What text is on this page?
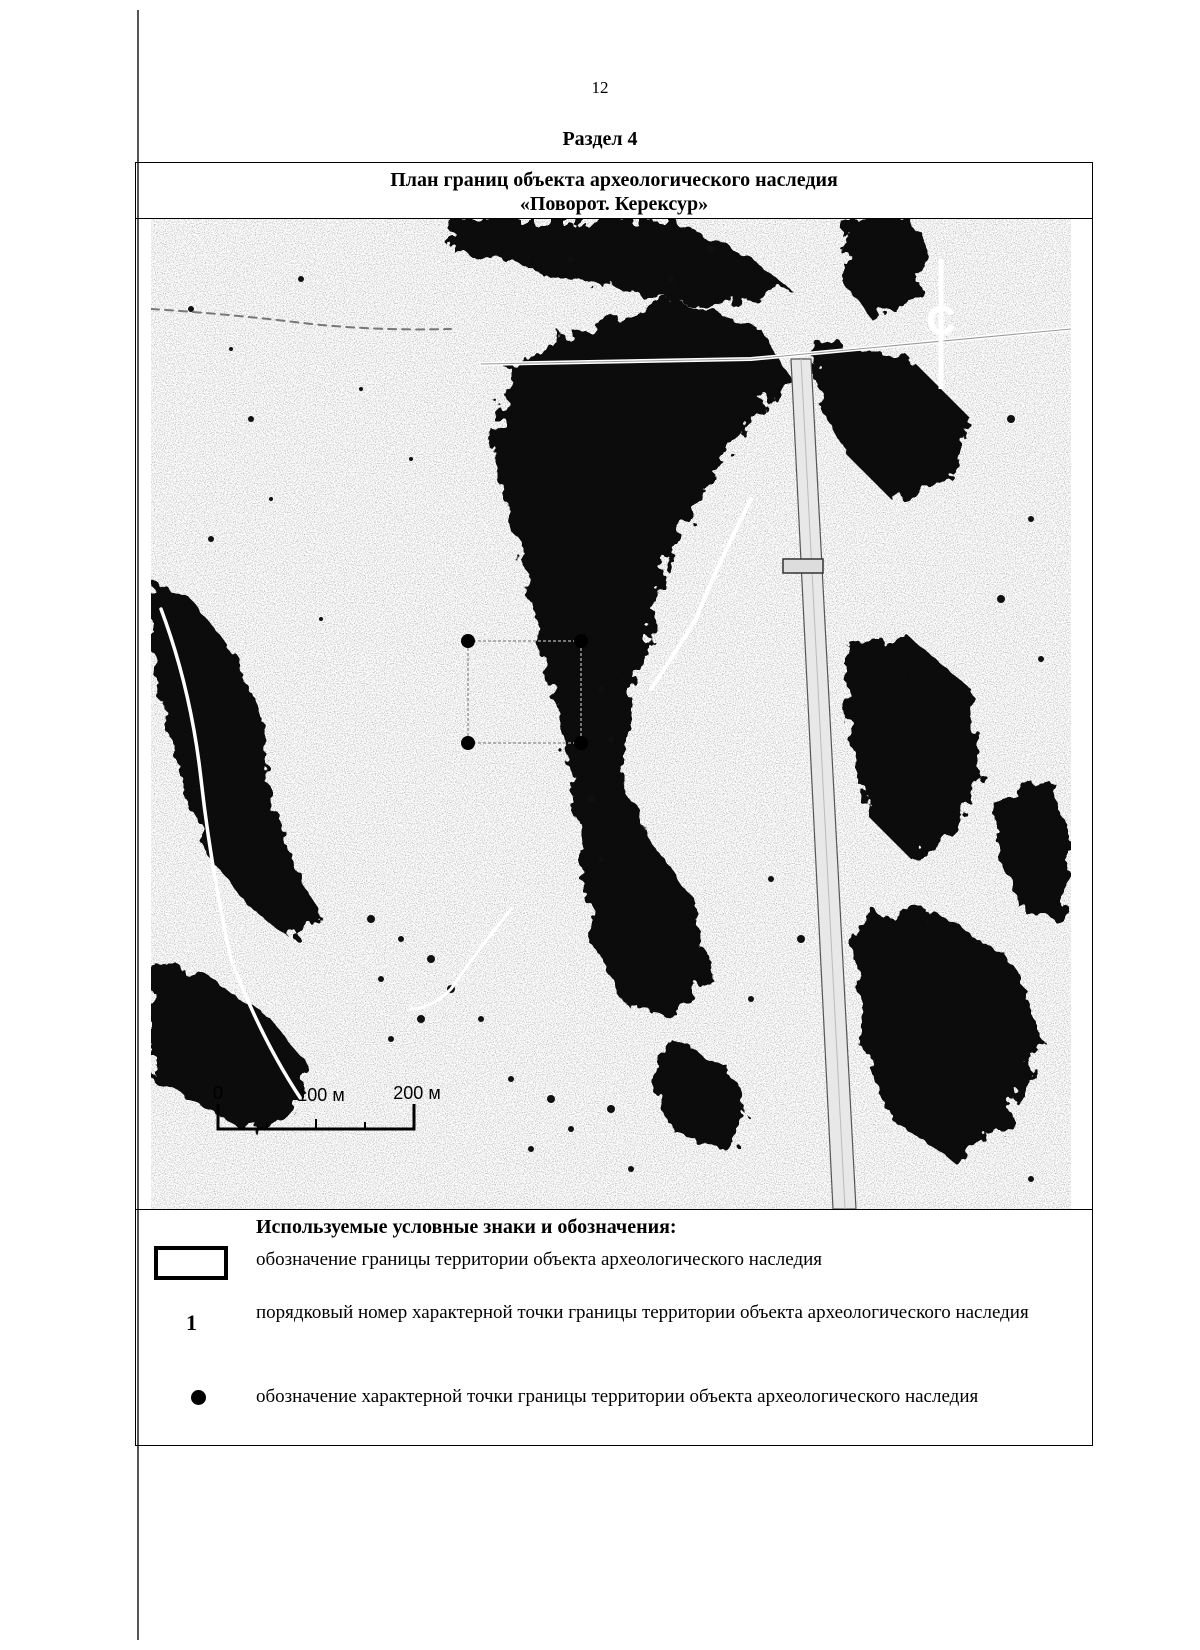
12
Раздел 4
План границ объекта археологического наследия
«Поворот. Керексур»
С
0	100 м	200 м
Используемые условные знаки и обозначения:
обозначение границы территории объекта археологического наследия
1	порядковый номер характерной точки границы территории объекта археологического наследия
обозначение характерной точки границы территории объекта археологического наследия
